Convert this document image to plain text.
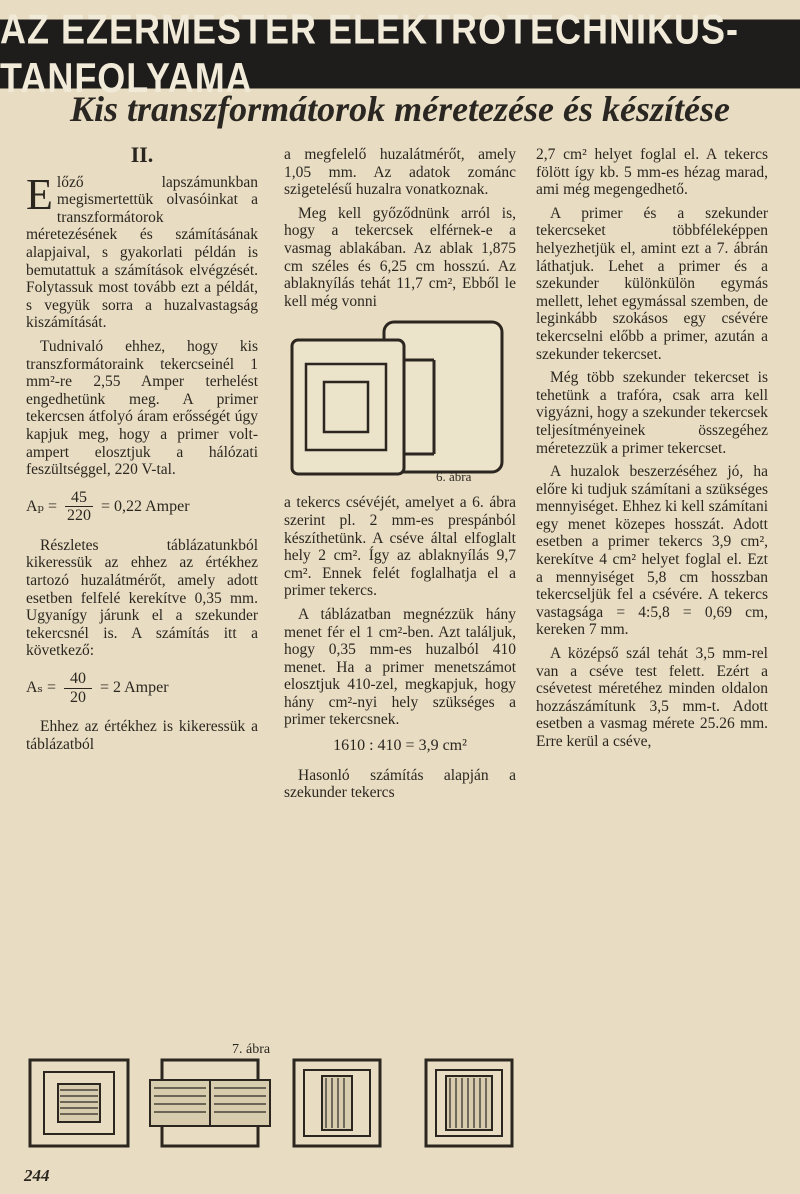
AZ EZERMESTER ELEKTROTECHNIKUS-TANFOLYAMA
Kis transzformátorok méretezése és készítése
II.

Előző lapszámunkban megismertettük olvasóinkat a transzformátorok méretezésének és számításának alapjaival, s gyakorlati példán is bemutattuk a számítások elvégzését. Folytassuk most tovább ezt a példát, s vegyük sorra a huzalvastagság kiszámítását.

Tudnivaló ehhez, hogy kis transzformátoraink tekercseinél 1 mm²-re 2,55 Amper terhelést engedhetünk meg. A primer tekercsen átfolyó áram erősségét úgy kapjuk meg, hogy a primer volt-ampert elosztjuk a hálózati feszültséggel, 220 V-tal.

$A_p = \frac{45}{220} = 0,22$ Amper

Részletes táblázatunkból kikeressük az ehhez az értékhez tartozó huzalátmérőt, amely adott esetben felfelé kerekítve 0,35 mm. Ugyanígy járunk el a szekunder tekercsnél is. A számítás itt a következő:

$A_s = \frac{40}{20} = 2$ Amper

Ehhez az értékhez is kikeressük a táblázatból

a megfelelő huzalátmérőt, amely 1,05 mm. Az adatok zománc szigetelésű huzalra vonatkoznak.

Meg kell győződnünk arról is, hogy a tekercsek elférnek-e a vasmag ablakában. Az ablak 1,875 cm széles és 6,25 cm hosszú. Az ablaknyílás tehát 11,7 cm², Ebből le kell még vonni

6. ábra

a tekercs csévéjét, amelyet a 6. ábra szerint pl. 2 mm-es prespánból készíthetünk. A cséve által elfoglalt hely 2 cm². Így az ablaknyílás 9,7 cm². Ennek felét foglalhatja el a primer tekercs.

A táblázatban megnézzük hány menet fér el 1 cm²-ben. Azt találjuk, hogy 0,35 mm-es huzalból 410 menet. Ha a primer menetszámot elosztjuk 410-zel, megkapjuk, hogy hány cm²-nyi hely szükséges a primer tekercsnek.

1610 : 410 = 3,9 cm²

Hasonló számítás alapján a szekunder tekercs

2,7 cm² helyet foglal el. A tekercs fölött így kb. 5 mm-es hézag marad, ami még megengedhető.

A primer és a szekunder tekercseket többféleképpen helyezhetjük el, amint ezt a 7. ábrán láthatjuk. Lehet a primer és a szekunder különkülön egymás mellett, lehet egymással szemben, de leginkább szokásos egy csévére tekercselni előbb a primer, azután a szekunder tekercset.

Még több szekunder tekercset is tehetünk a trafóra, csak arra kell vigyázni, hogy a szekunder tekercsek teljesítményeinek összegéhez méretezzük a primer tekercset.

A huzalok beszerzéséhez jó, ha előre ki tudjuk számítani a szükséges mennyiséget. Ehhez ki kell számítani egy menet közepes hosszát. Adott esetben a primer tekercs 3,9 cm², kerekítve 4 cm² helyet foglal el. Ezt a mennyiséget 5,8 cm hosszban tekercseljük fel a csévére. A tekercs vastagsága = 4:5,8 = 0,69 cm, kereken 7 mm.

A középső szál tehát 3,5 mm-rel van a cséve test felett. Ezért a csévetest méretéhez minden oldalon hozzászámítunk 3,5 mm-t. Adott esetben a vasmag mérete 25.26 mm. Erre kerül a cséve,

7. ábra
244
